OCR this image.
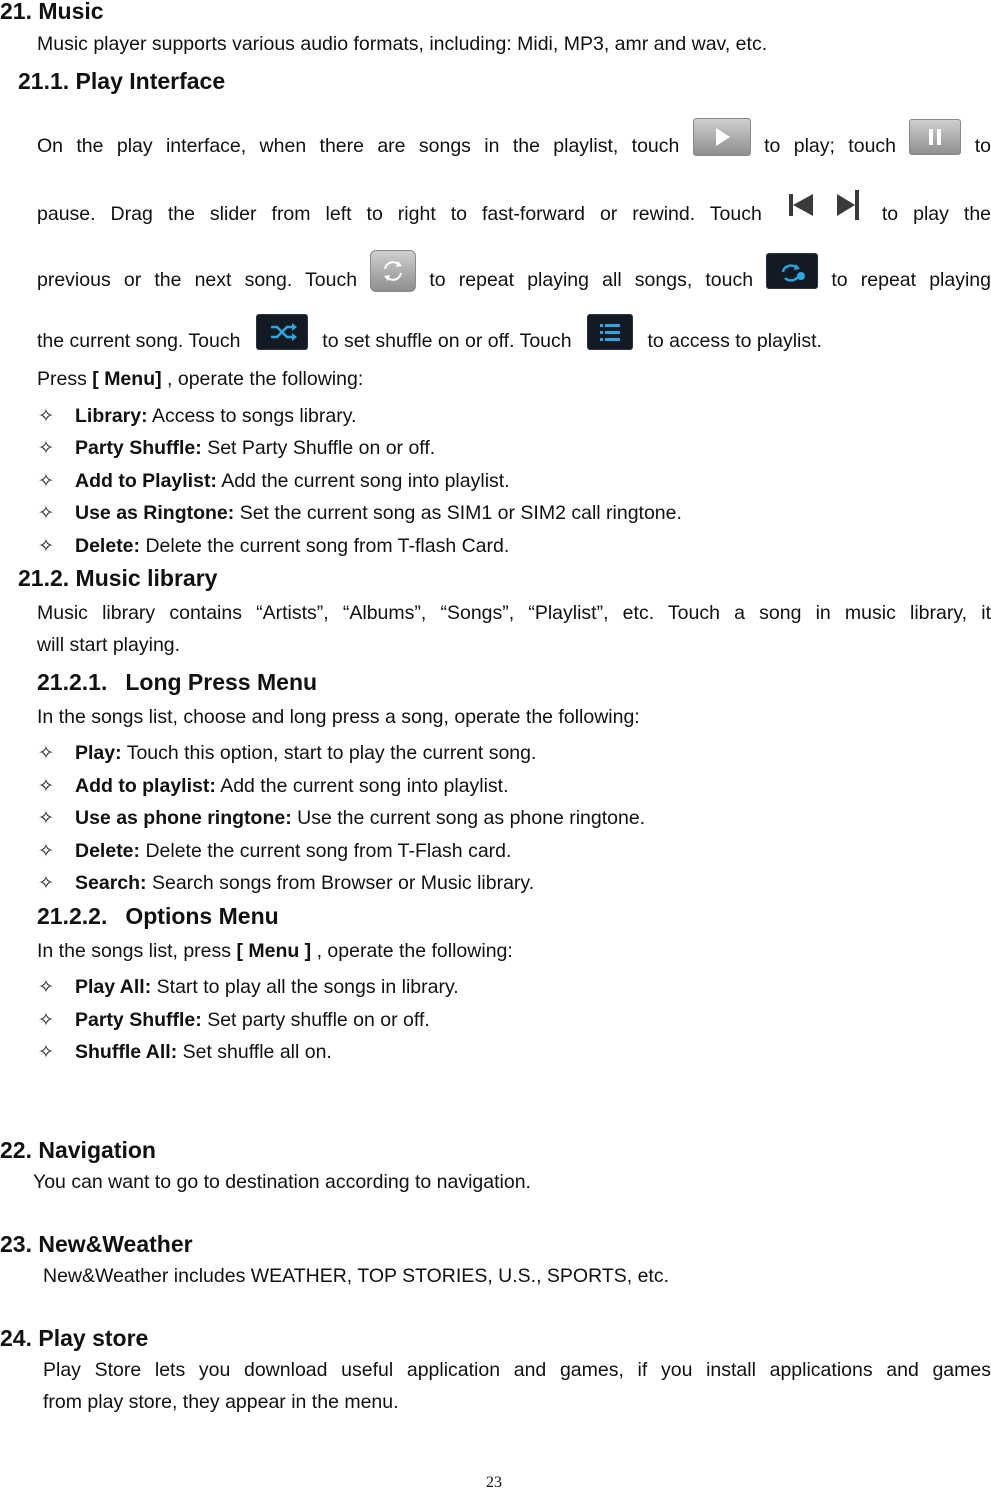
21. Music
Music player supports various audio formats, including: Midi, MP3, amr and wav, etc.
21.1. Play Interface
On the play interface, when there are songs in the playlist, touch	to play; touch	to
pause. Drag the slider from left to right to fast-forward or rewind. Touch	to play the
previous or the next song. Touch	to repeat playing all songs, touch	to repeat playing
the current song. Touch	to set shuffle on or off. Touch	to access to playlist.
Press [ Menu] , operate the following:
✧ Library: Access to songs library.
✧ Party Shuffle: Set Party Shuffle on or off.
✧ Add to Playlist: Add the current song into playlist.
✧ Use as Ringtone: Set the current song as SIM1 or SIM2 call ringtone.
✧ Delete: Delete the current song from T-flash Card.
21.2. Music library
Music library contains “Artists”, “Albums”, “Songs”, “Playlist”, etc. Touch a song in music library, it
will start playing.
21.2.1. Long Press Menu
In the songs list, choose and long press a song, operate the following:
✧ Play: Touch this option, start to play the current song.
✧ Add to playlist: Add the current song into playlist.
✧ Use as phone ringtone: Use the current song as phone ringtone.
✧ Delete: Delete the current song from T-Flash card.
✧ Search: Search songs from Browser or Music library.
21.2.2. Options Menu
In the songs list, press [ Menu ] , operate the following:
✧ Play All: Start to play all the songs in library.
✧ Party Shuffle: Set party shuffle on or off.
✧ Shuffle All: Set shuffle all on.
22. Navigation
You can want to go to destination according to navigation.
23. New&Weather
New&Weather includes WEATHER, TOP STORIES, U.S., SPORTS, etc.
24. Play store
Play Store lets you download useful application and games, if you install applications and games
from play store, they appear in the menu.
23
